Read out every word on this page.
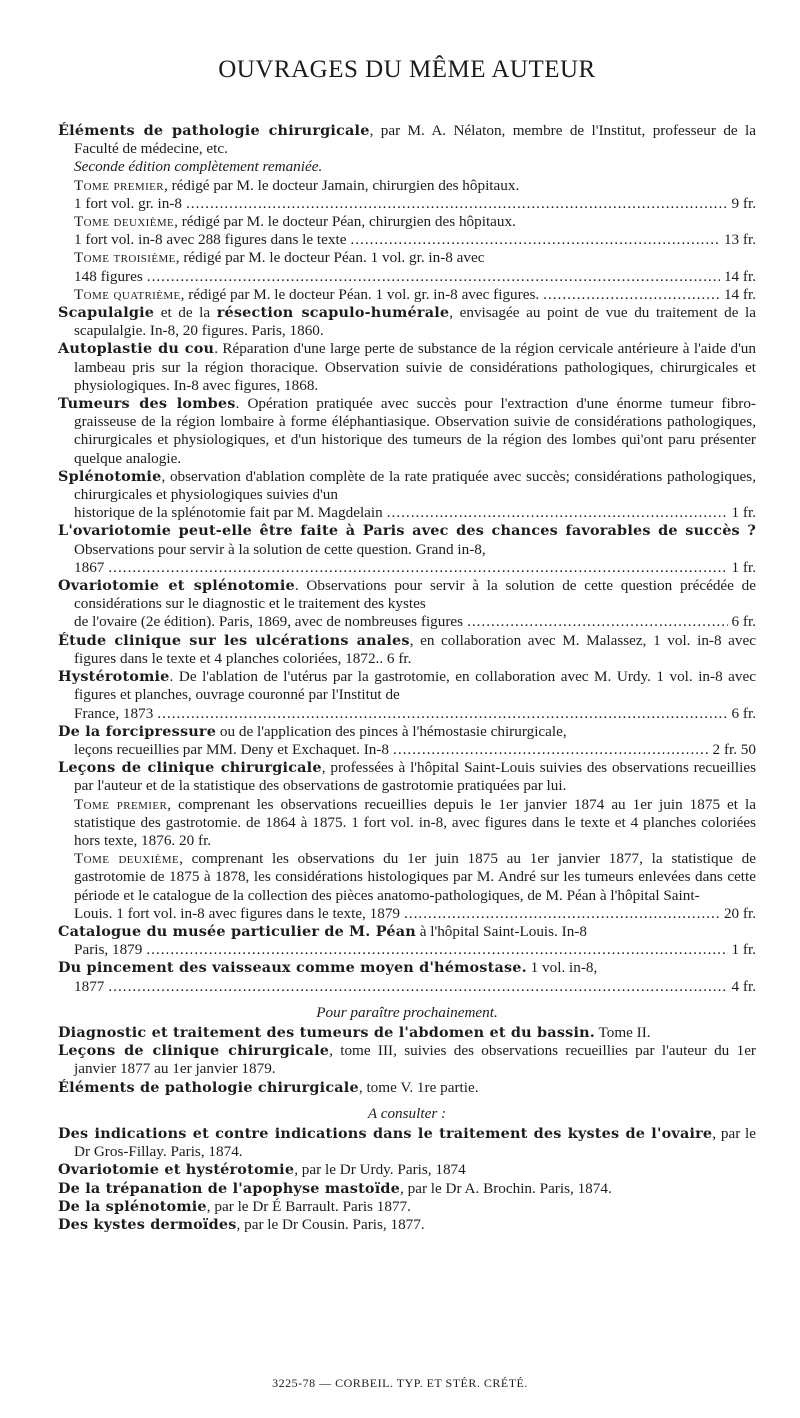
OUVRAGES DU MÊME AUTEUR

Éléments de pathologie chirurgicale, par M. A. Nélaton, membre de l'Institut, professeur de la Faculté de médecine, etc.

Seconde édition complètement remaniée.

Tome premier, rédigé par M. le docteur Jamain, chirurgien des hôpitaux.
1 fort vol. gr. in-8 .....	9 fr.
Tome deuxième, rédigé par M. le docteur Péan, chirurgien des hôpitaux.
1 fort vol. in-8 avec 288 figures dans le texte .....	13 fr.
Tome troisième, rédigé par M. le docteur Péan. 1 vol. gr. in-8 avec
148 figures .....	14 fr.
Tome quatrième, rédigé par M. le docteur Péan. 1 vol. gr. in-8 avec figures. .....	14 fr.

Scapulalgie et de la résection scapulo-humérale, envisagée au point de vue du traitement de la scapulalgie. In-8, 20 figures. Paris, 1860.

Autoplastie du cou. Réparation d'une large perte de substance de la région cervicale antérieure à l'aide d'un lambeau pris sur la région thoracique. Observation suivie de considérations pathologiques, chirurgicales et physiologiques. In-8 avec figures, 1868.

Tumeurs des lombes. Opération pratiquée avec succès pour l'extraction d'une énorme tumeur fibro-graisseuse de la région lombaire à forme éléphantiasique. Observation suivie de considérations pathologiques, chirurgicales et physiologiques, et d'un historique des tumeurs de la région des lombes qui'ont paru présenter quelque analogie.

Splénotomie, observation d'ablation complète de la rate pratiquée avec succès; considérations pathologiques, chirurgicales et physiologiques suivies d'un
historique de la splénotomie fait par M. Magdelain .....	1 fr.
L'ovariotomie peut-elle être faite à Paris avec des chances favorables de succès ? Observations pour servir à la solution de cette question. Grand in-8,
1867 .....	1 fr.
Ovariotomie et splénotomie. Observations pour servir à la solution de cette question précédée de considérations sur le diagnostic et le traitement des kystes
de l'ovaire (2e édition). Paris, 1869, avec de nombreuses figures .....	6 fr.

Étude clinique sur les ulcérations anales, en collaboration avec M. Malassez, 1 vol. in-8 avec figures dans le texte et 4 planches coloriées, 1872.. 6 fr.

Hystérotomie. De l'ablation de l'utérus par la gastrotomie, en collaboration avec M. Urdy. 1 vol. in-8 avec figures et planches, ouvrage couronné par l'Institut de
France, 1873 .....	6 fr.
De la forcipressure ou de l'application des pinces à l'hémostasie chirurgicale,
leçons recueillies par MM. Deny et Exchaquet. In-8 .....	2 fr. 50

Leçons de clinique chirurgicale, professées à l'hôpital Saint-Louis suivies des observations recueillies par l'auteur et de la statistique des observations de gastrotomie pratiquées par lui.

Tome premier, comprenant les observations recueillies depuis le 1er janvier 1874 au 1er juin 1875 et la statistique des gastrotomie. de 1864 à 1875. 1 fort vol. in-8, avec figures dans le texte et 4 planches coloriées hors texte, 1876. 20 fr.

Tome deuxième, comprenant les observations du 1er juin 1875 au 1er janvier 1877, la statistique de gastrotomie de 1875 à 1878, les considérations histologiques par M. André sur les tumeurs enlevées dans cette période et le catalogue de la collection des pièces anatomo-pathologiques, de M. Péan à l'hôpital Saint-
Louis. 1 fort vol. in-8 avec figures dans le texte, 1879 .....	20 fr.
Catalogue du musée particulier de M. Péan à l'hôpital Saint-Louis. In-8
Paris, 1879 .....	1 fr.
Du pincement des vaisseaux comme moyen d'hémostase. 1 vol. in-8,
1877 .....	4 fr.
Pour paraître prochainement.

Diagnostic et traitement des tumeurs de l'abdomen et du bassin. Tome II.

Leçons de clinique chirurgicale, tome III, suivies des observations recueillies par l'auteur du 1er janvier 1877 au 1er janvier 1879.

Éléments de pathologie chirurgicale, tome V. 1re partie.

A consulter :

Des indications et contre indications dans le traitement des kystes de l'ovaire, par le Dr Gros-Fillay. Paris, 1874.

Ovariotomie et hystérotomie, par le Dr Urdy. Paris, 1874

De la trépanation de l'apophyse mastoïde, par le Dr A. Brochin. Paris, 1874.

De la splénotomie, par le Dr É Barrault. Paris 1877.

Des kystes dermoïdes, par le Dr Cousin. Paris, 1877.

3225-78 — CORBEIL. TYP. ET STÉR. CRÉTÉ.
